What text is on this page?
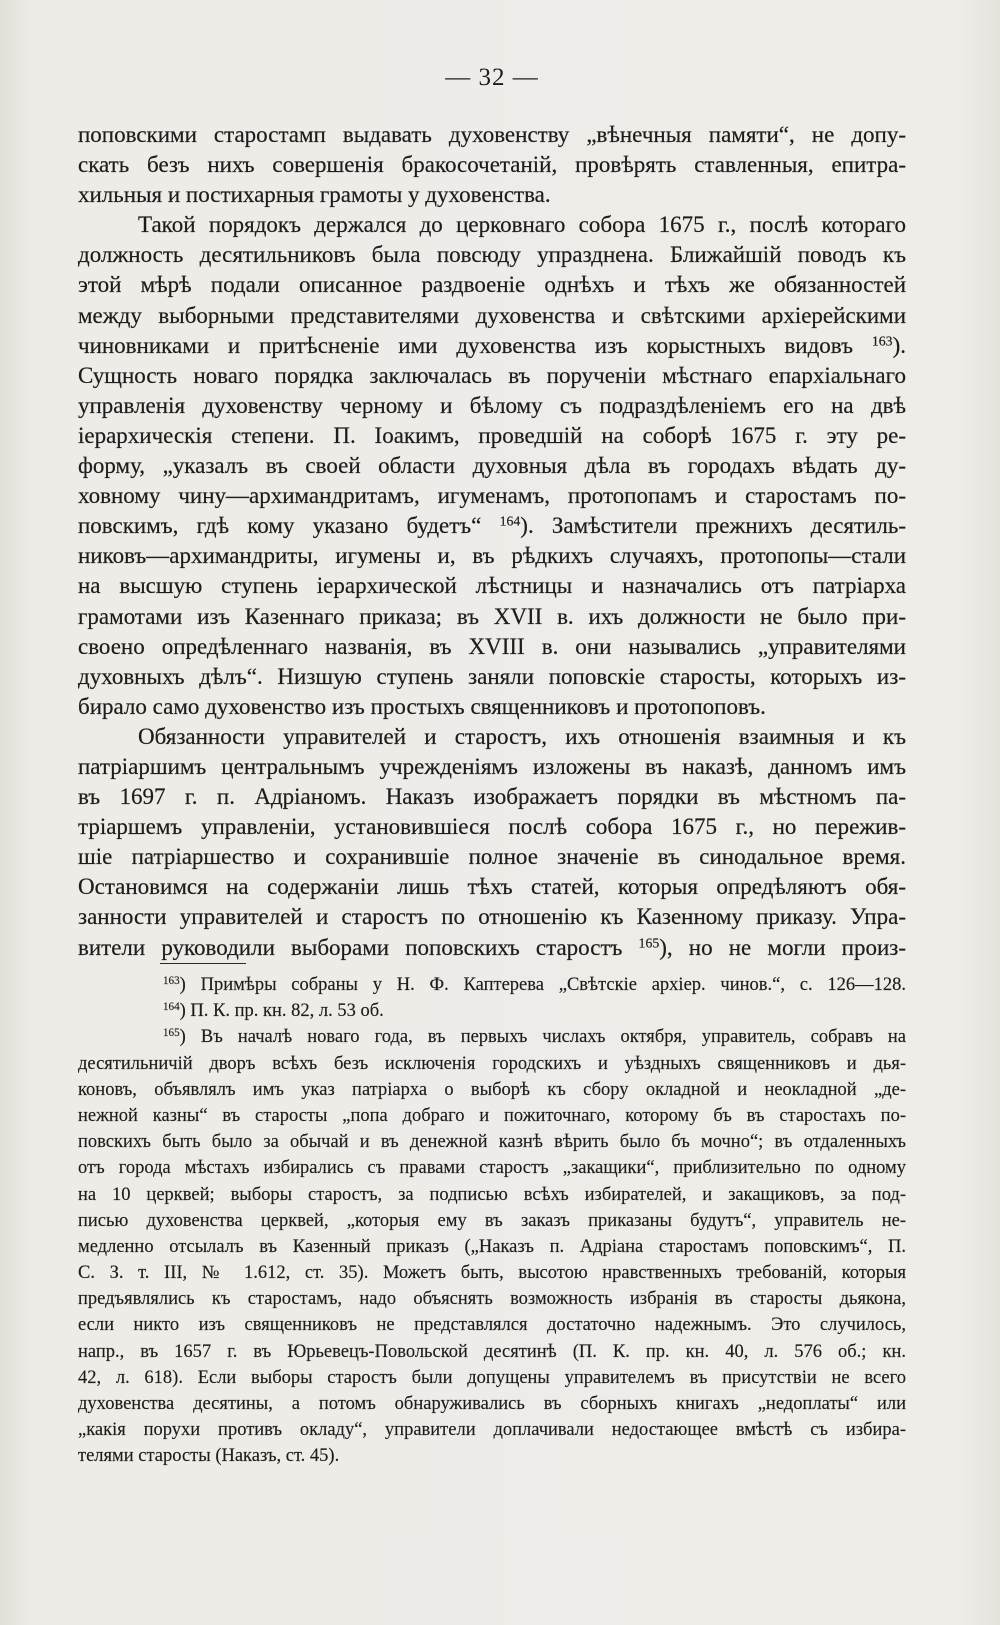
— 32 —
поповскими старостамп выдавать духовенству „вѣнечныя памяти“, не допу-
скать безъ нихъ совершенія бракосочетаній, провѣрять ставленныя, епитра-
хильныя и постихарныя грамоты у духовенства.
Такой порядокъ держался до церковнаго собора 1675 г., послѣ котораго
должность десятильниковъ была повсюду упразднена. Ближайшій поводъ къ
этой мѣрѣ подали описанное раздвоеніе однѣхъ и тѣхъ же обязанностей
между выборными представителями духовенства и свѣтскими архіерейскими
чиновниками и притѣсненіе ими духовенства изъ корыстныхъ видовъ $^{163}$).
Сущность новаго порядка заключалась въ порученіи мѣстнаго епархіальнаго
управленія духовенству черному и бѣлому съ подраздѣленіемъ его на двѣ
іерархическія степени. П. Іоакимъ, проведшій на соборѣ 1675 г. эту ре-
форму, „указалъ въ своей области духовныя дѣла въ городахъ вѣдать ду-
ховному чину—архимандритамъ, игуменамъ, протопопамъ и старостамъ по-
повскимъ, гдѣ кому указано будетъ“ $^{164}$). Замѣстители прежнихъ десятиль-
никовъ—архимандриты, игумены и, въ рѣдкихъ случаяхъ, протопопы—стали
на высшую ступень іерархической лѣстницы и назначались отъ патріарха
грамотами изъ Казеннаго приказа; въ XVII в. ихъ должности не было при-
своено опредѣленнаго названія, въ XVIII в. они назывались „управителями
духовныхъ дѣлъ“. Низшую ступень заняли поповскіе старосты, которыхъ из-
бирало само духовенство изъ простыхъ священниковъ и протопоповъ.
Обязанности управителей и старостъ, ихъ отношенія взаимныя и къ
патріаршимъ центральнымъ учрежденіямъ изложены въ наказѣ, данномъ имъ
въ 1697 г. п. Адріаномъ. Наказъ изображаетъ порядки въ мѣстномъ па-
тріаршемъ управленіи, установившіеся послѣ собора 1675 г., но пережив-
шіе патріаршество и сохранившіе полное значеніе въ синодальное время.
Остановимся на содержаніи лишь тѣхъ статей, которыя опредѣляютъ обя-
занности управителей и старостъ по отношенію къ Казенному приказу. Упра-
вители руководили выборами поповскихъ старостъ $^{165}$), но не могли произ-
$^{163}$) Примѣры собраны у Н. Ф. Каптерева „Свѣтскіе архіер. чинов.“, с. 126—128.
$^{164}$) П. К. пр. кн. 82, л. 53 об.
$^{165}$) Въ началѣ новаго года, въ первыхъ числахъ октября, управитель, собравъ на
десятильничій дворъ всѣхъ безъ исключенія городскихъ и уѣздныхъ священниковъ и дья-
коновъ, объявлялъ имъ указ патріарха о выборѣ къ сбору окладной и неокладной „де-
нежной казны“ въ старосты „попа добраго и пожиточнаго, которому бъ въ старостахъ по-
повскихъ быть было за обычай и въ денежной казнѣ вѣрить было бъ мочно“; въ отдаленныхъ
отъ города мѣстахъ избирались съ правами старостъ „закащики“, приблизительно по одному
на 10 церквей; выборы старостъ, за подписью всѣхъ избирателей, и закащиковъ, за под-
писью духовенства церквей, „которыя ему въ заказъ приказаны будутъ“, управитель не-
медленно отсылалъ въ Казенный приказъ („Наказъ п. Адріана старостамъ поповскимъ“, П.
С. З. т. III, № 1.612, ст. 35). Можетъ быть, высотою нравственныхъ требованій, которыя
предъявлялись къ старостамъ, надо объяснять возможность избранія въ старосты дьякона,
если никто изъ священниковъ не представлялся достаточно надежнымъ. Это случилось,
напр., въ 1657 г. въ Юрьевецъ-Повольской десятинѣ (П. К. пр. кн. 40, л. 576 об.; кн.
42, л. 618). Если выборы старостъ были допущены управителемъ въ присутствіи не всего
духовенства десятины, а потомъ обнаруживались въ сборныхъ книгахъ „недоплаты“ или
„какія порухи противъ окладу“, управители доплачивали недостающее вмѣстѣ съ избира-
телями старосты (Наказъ, ст. 45).
